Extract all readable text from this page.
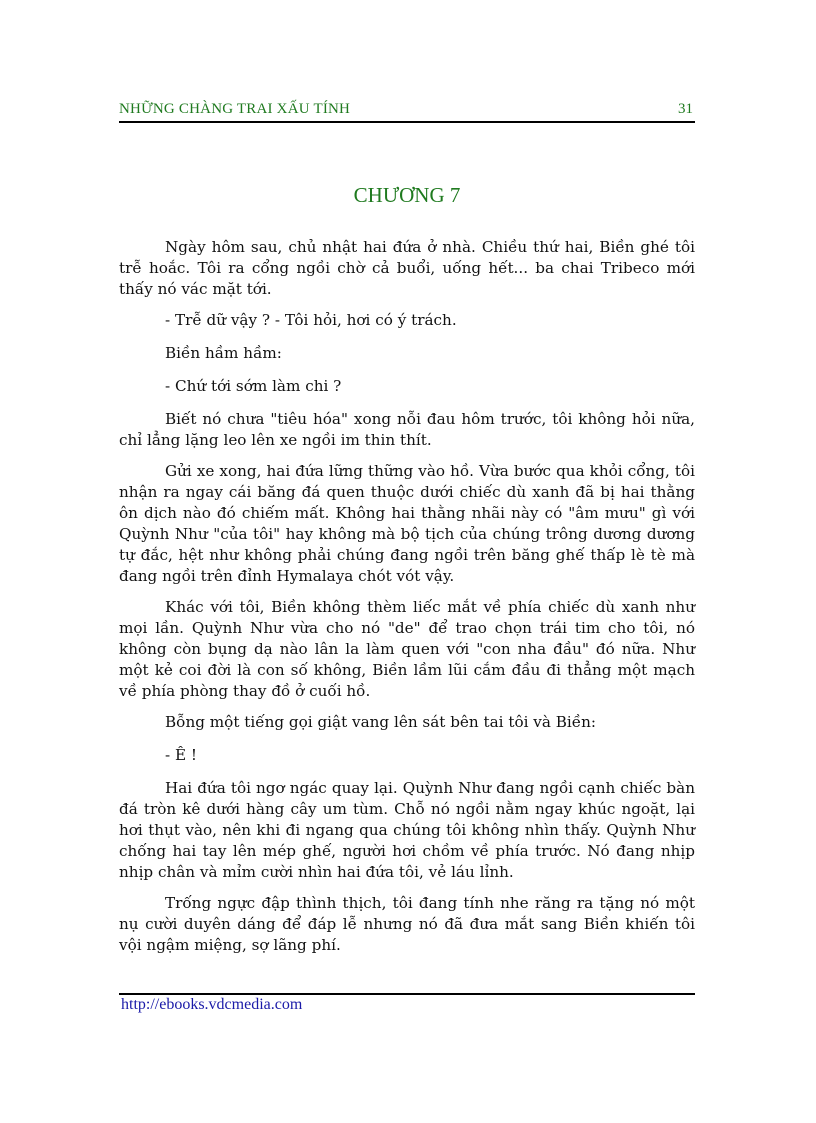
NHỮNG CHÀNG TRAI XẤU TÍNH	31
CHƯƠNG 7

Ngày hôm sau, chủ nhật hai đứa ở nhà. Chiều thứ hai, Biền ghé tôi trễ hoắc. Tôi ra cổng ngồi chờ cả buổi, uống hết... ba chai Tribeco mới thấy nó vác mặt tới.

- Trễ dữ vậy ? - Tôi hỏi, hơi có ý trách.

Biền hầm hầm:

- Chứ tới sớm làm chi ?

Biết nó chưa "tiêu hóa" xong nỗi đau hôm trước, tôi không hỏi nữa, chỉ lẳng lặng leo lên xe ngồi im thin thít.

Gửi xe xong, hai đứa lững thững vào hồ. Vừa bước qua khỏi cổng, tôi nhận ra ngay cái băng đá quen thuộc dưới chiếc dù xanh đã bị hai thằng ôn dịch nào đó chiếm mất. Không hai thằng nhãi này có "âm mưu" gì với Quỳnh Như "của tôi" hay không mà bộ tịch của chúng trông dương dương tự đắc, hệt như không phải chúng đang ngồi trên băng ghế thấp lè tè mà đang ngồi trên đỉnh Hymalaya chót vót vậy.

Khác với tôi, Biền không thèm liếc mắt về phía chiếc dù xanh như mọi lần. Quỳnh Như vừa cho nó "de" để trao chọn trái tim cho tôi, nó không còn bụng dạ nào lân la làm quen với "con nha đầu" đó nữa. Như một kẻ coi đời là con số không, Biền lầm lũi cắm đầu đi thẳng một mạch về phía phòng thay đồ ở cuối hồ.

Bỗng một tiếng gọi giật vang lên sát bên tai tôi và Biền:

- Ê !

Hai đứa tôi ngơ ngác quay lại. Quỳnh Như đang ngồi cạnh chiếc bàn đá tròn kê dưới hàng cây um tùm. Chỗ nó ngồi nằm ngay khúc ngoặt, lại hơi thụt vào, nên khi đi ngang qua chúng tôi không nhìn thấy. Quỳnh Như chống hai tay lên mép ghế, người hơi chồm về phía trước. Nó đang nhịp nhịp chân và mỉm cười nhìn hai đứa tôi, vẻ láu lỉnh.

Trống ngực đập thình thịch, tôi đang tính nhe răng ra tặng nó một nụ cười duyên dáng để đáp lễ nhưng nó đã đưa mắt sang Biền khiến tôi vội ngậm miệng, sợ lãng phí.

http://ebooks.vdcmedia.com
